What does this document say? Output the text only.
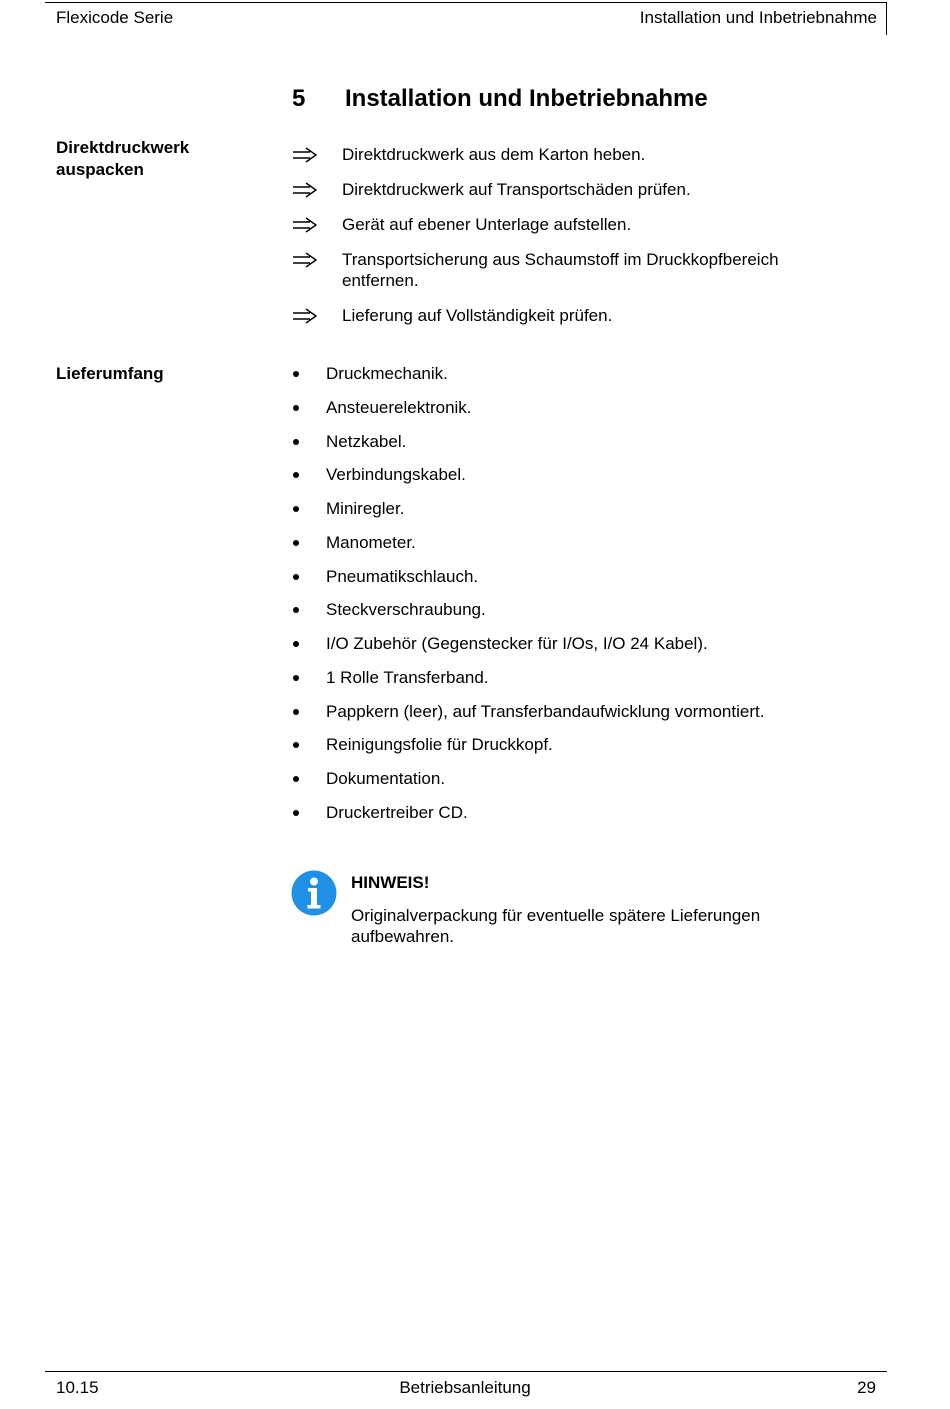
Flexicode Serie	Installation und Inbetriebnahme
5 Installation und Inbetriebnahme
Direktdruckwerk
auspacken
Direktdruckwerk aus dem Karton heben.
Direktdruckwerk auf Transportschäden prüfen.
Gerät auf ebener Unterlage aufstellen.
Transportsicherung aus Schaumstoff im Druckkopfbereich entfernen.
Lieferung auf Vollständigkeit prüfen.
Lieferumfang	Druckmechanik.
Ansteuerelektronik.
Netzkabel.
Verbindungskabel.
Miniregler.
Manometer.
Pneumatikschlauch.
Steckverschraubung.
I/O Zubehör (Gegenstecker für I/Os, I/O 24 Kabel).
1 Rolle Transferband.
Pappkern (leer), auf Transferbandaufwicklung vormontiert.
Reinigungsfolie für Druckkopf.
Dokumentation.
Druckertreiber CD.
HINWEIS!
Originalverpackung für eventuelle spätere Lieferungen aufbewahren.
10.15	Betriebsanleitung	29
